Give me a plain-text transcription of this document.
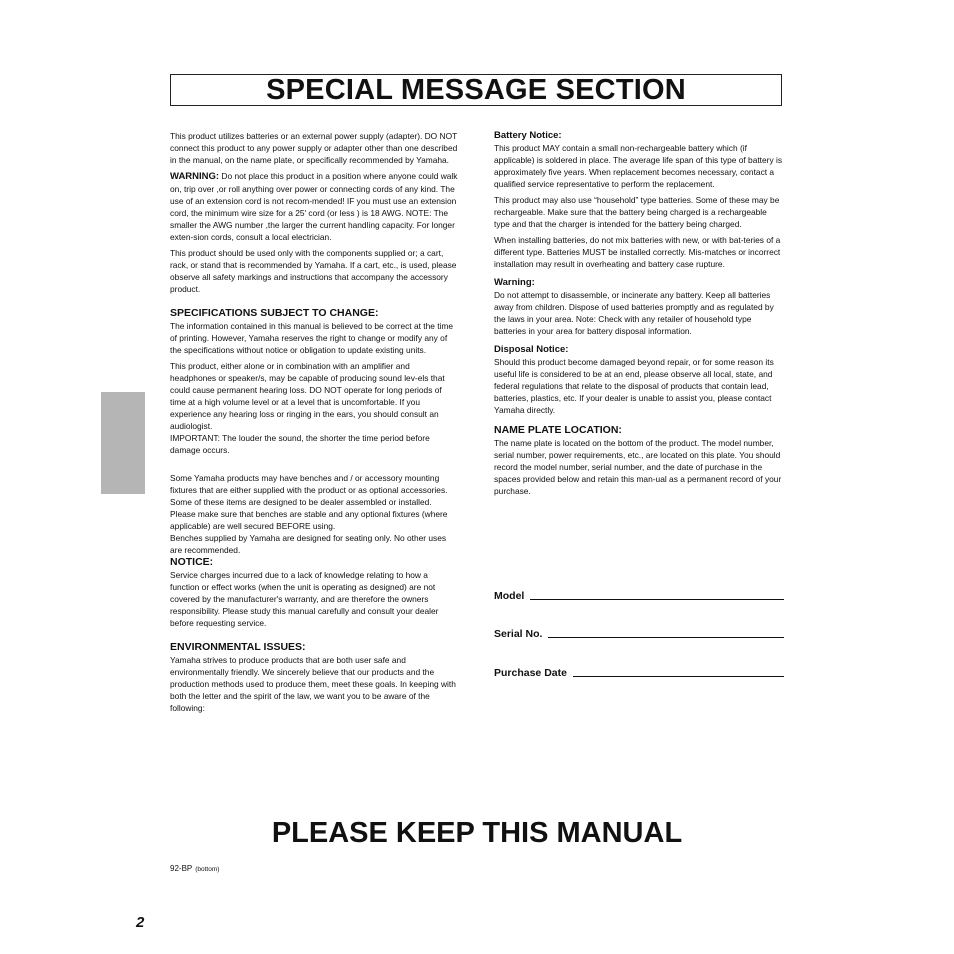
SPECIAL MESSAGE SECTION

This product utilizes batteries or an external power supply (adapter). DO NOT connect this product to any power supply or adapter other than one described in the manual, on the name plate, or specifically recommended by Yamaha.

WARNING: Do not place this product in a position where anyone could walk on, trip over ,or roll anything over power or connecting cords of any kind. The use of an extension cord is not recom-mended! IF you must use an extension cord, the minimum wire size for a 25' cord (or less ) is 18 AWG. NOTE: The smaller the AWG number ,the larger the current handling capacity. For longer exten-sion cords, consult a local electrician.

This product should be used only with the components supplied or; a cart, rack, or stand that is recommended by Yamaha. If a cart, etc., is used, please observe all safety markings and instructions that accompany the accessory product.

SPECIFICATIONS SUBJECT TO CHANGE:

The information contained in this manual is believed to be correct at the time of printing. However, Yamaha reserves the right to change or modify any of the specifications without notice or obligation to update existing units.

This product, either alone or in combination with an amplifier and headphones or speaker/s, may be capable of producing sound lev-els that could cause permanent hearing loss. DO NOT operate for long periods of time at a high volume level or at a level that is uncomfortable. If you experience any hearing loss or ringing in the ears, you should consult an audiologist.

IMPORTANT: The louder the sound, the shorter the time period before damage occurs.

Some Yamaha products may have benches and / or accessory mounting fixtures that are either supplied with the product or as optional accessories. Some of these items are designed to be dealer assembled or installed. Please make sure that benches are stable and any optional fixtures (where applicable) are well secured BEFORE using.

Benches supplied by Yamaha are designed for seating only. No other uses are recommended.

NOTICE:

Service charges incurred due to a lack of knowledge relating to how a function or effect works (when the unit is operating as designed) are not covered by the manufacturer's warranty, and are therefore the owners responsibility. Please study this manual carefully and consult your dealer before requesting service.

ENVIRONMENTAL ISSUES:

Yamaha strives to produce products that are both user safe and environmentally friendly. We sincerely believe that our products and the production methods used to produce them, meet these goals. In keeping with both the letter and the spirit of the law, we want you to be aware of the following:

Battery Notice:

This product MAY contain a small non-rechargeable battery which (if applicable) is soldered in place. The average life span of this type of battery is approximately five years. When replacement becomes necessary, contact a qualified service representative to perform the replacement.

This product may also use “household” type batteries. Some of these may be rechargeable. Make sure that the battery being charged is a rechargeable type and that the charger is intended for the battery being charged.

When installing batteries, do not mix batteries with new, or with bat-teries of a different type. Batteries MUST be installed correctly. Mis-matches or incorrect installation may result in overheating and battery case rupture.

Warning:

Do not attempt to disassemble, or incinerate any battery. Keep all batteries away from children. Dispose of used batteries promptly and as regulated by the laws in your area. Note: Check with any retailer of household type batteries in your area for battery disposal information.

Disposal Notice:

Should this product become damaged beyond repair, or for some reason its useful life is considered to be at an end, please observe all local, state, and federal regulations that relate to the disposal of products that contain lead, batteries, plastics, etc. If your dealer is unable to assist you, please contact Yamaha directly.

NAME PLATE LOCATION:

The name plate is located on the bottom of the product. The model number, serial number, power requirements, etc., are located on this plate. You should record the model number, serial number, and the date of purchase in the spaces provided below and retain this man-ual as a permanent record of your purchase.

Model
Serial No.
Purchase Date
PLEASE KEEP THIS MANUAL
92-BP (bottom)
2
